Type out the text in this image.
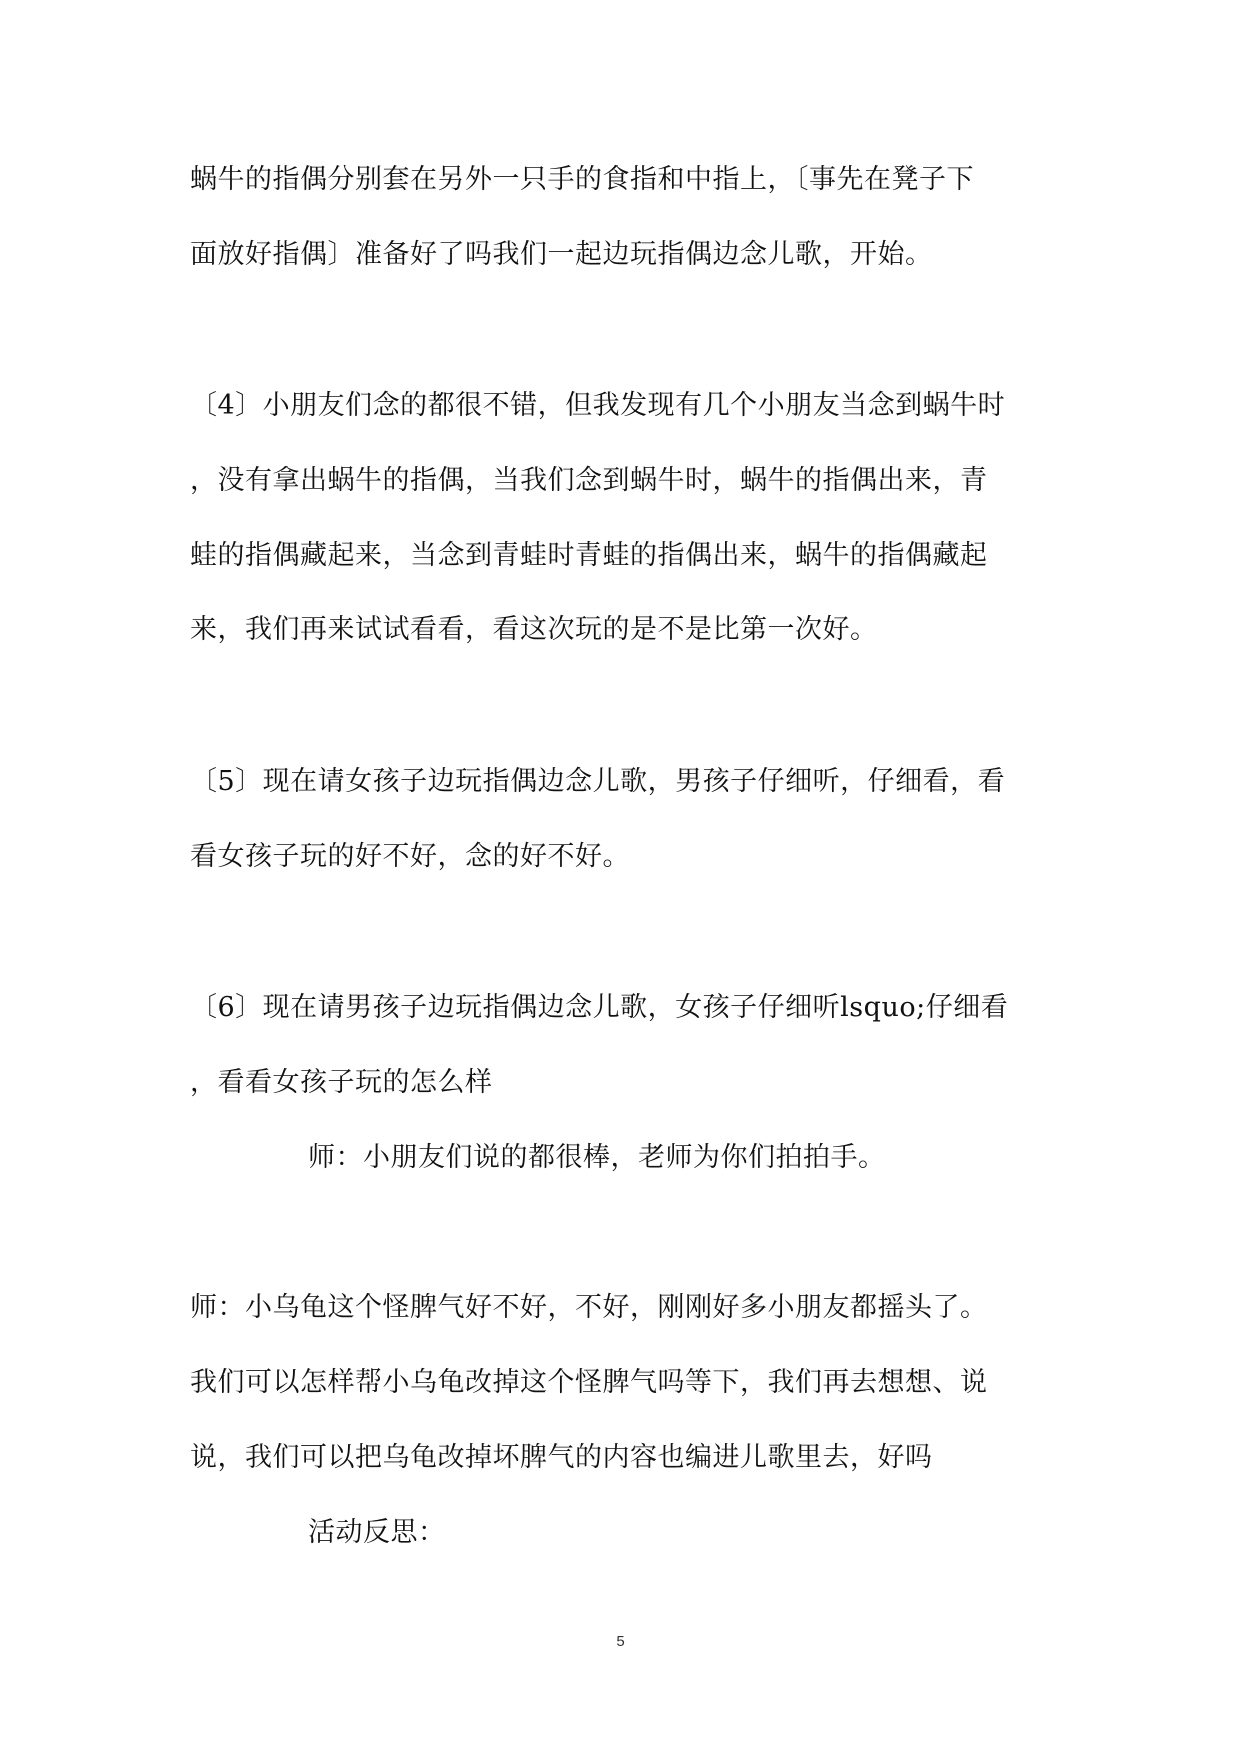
蜗牛的指偶分别套在另外一只手的食指和中指上，〔事先在凳子下
面放好指偶〕准备好了吗我们一起边玩指偶边念儿歌，开始。
〔4〕小朋友们念的都很不错，但我发现有几个小朋友当念到蜗牛时
，没有拿出蜗牛的指偶，当我们念到蜗牛时，蜗牛的指偶出来，青
蛙的指偶藏起来，当念到青蛙时青蛙的指偶出来，蜗牛的指偶藏起
来，我们再来试试看看，看这次玩的是不是比第一次好。
〔5〕现在请女孩子边玩指偶边念儿歌，男孩子仔细听，仔细看，看
看女孩子玩的好不好，念的好不好。
〔6〕现在请男孩子边玩指偶边念儿歌，女孩子仔细听lsquo;仔细看
，看看女孩子玩的怎么样
师：小朋友们说的都很棒，老师为你们拍拍手。
师：小乌龟这个怪脾气好不好，不好，刚刚好多小朋友都摇头了。
我们可以怎样帮小乌龟改掉这个怪脾气吗等下，我们再去想想、说
说，我们可以把乌龟改掉坏脾气的内容也编进儿歌里去，好吗
活动反思：
5
